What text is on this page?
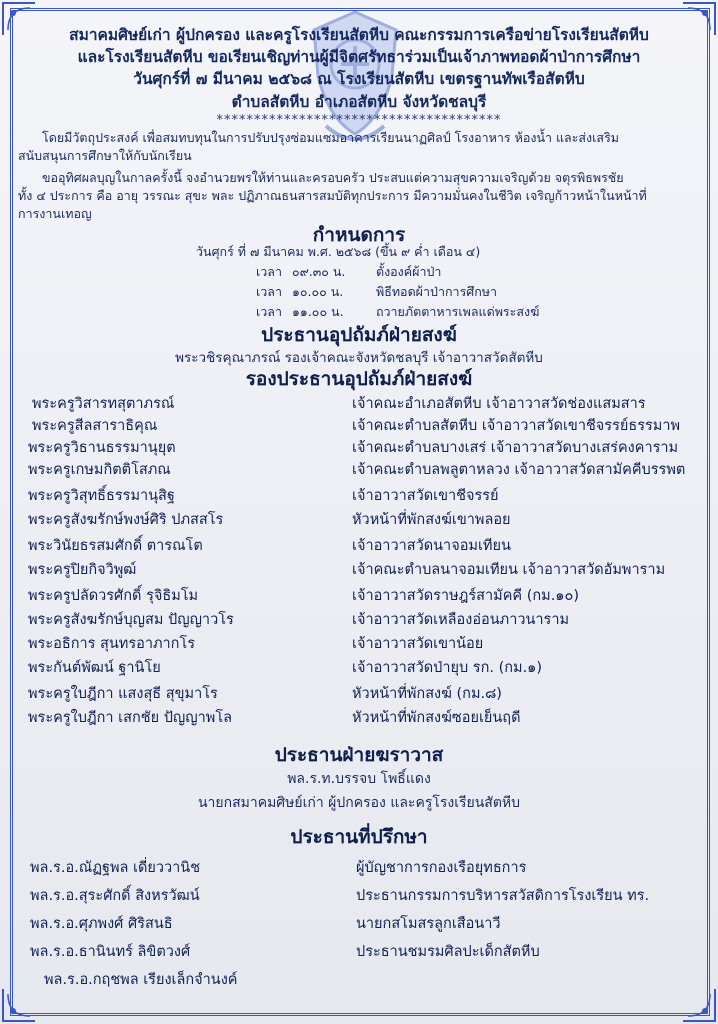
สมาคมศิษย์เก่า ผู้ปกครอง และครูโรงเรียนสัตหีบ คณะกรรมการเครือข่ายโรงเรียนสัตหีบ
และโรงเรียนสัตหีบ ขอเรียนเชิญท่านผู้มีจิตศรัทธาร่วมเป็นเจ้าภาพทอดผ้าป่าการศึกษา
วันศุกร์ที่ ๗ มีนาคม ๒๕๖๘ ณ โรงเรียนสัตหีบ เขตรฐานทัพเรือสัตหีบ
ตำบลสัตหีบ อำเภอสัตหีบ จังหวัดชลบุรี
**************************************
โดยมีวัตถุประสงค์ เพื่อสมทบทุนในการปรับปรุงซ่อมแซมอาคารเรียนนาฏศิลป์ โรงอาหาร ห้องน้ำ และส่งเสริม
สนับสนุนการศึกษาให้กับนักเรียน
ขออุทิศผลบุญในกาลครั้งนี้ จงอำนวยพรให้ท่านและครอบครัว ประสบแต่ความสุขความเจริญด้วย จตุรพิธพรชัย
ทั้ง ๔ ประการ คือ อายุ วรรณะ สุขะ พละ ปฏิภาณธนสารสมบัติทุกประการ มีความมั่นคงในชีวิต เจริญก้าวหน้าในหน้าที่
การงานเทอญ
กำหนดการ
วันศุกร์ ที่ ๗ มีนาคม พ.ศ. ๒๕๖๘ (ขึ้น ๙ ค่ำ เดือน ๔)
เวลา ๐๙.๓๐ น. ตั้งองค์ผ้าป่า
เวลา ๑๐.๐๐ น.	พิธีทอดผ้าป่าการศึกษา
เวลา ๑๑.๐๐ น.	ถวายภัตตาหารเพลแด่พระสงฆ์
ประธานอุปถัมภ์ฝ่ายสงฆ์
พระวชิรคุณาภรณ์ รองเจ้าคณะจังหวัดชลบุรี เจ้าอาวาสวัดสัตหีบ
รองประธานอุปถัมภ์ฝ่ายสงฆ์
พระครูวิสารทสุตาภรณ์	เจ้าคณะอำเภอสัตหีบ เจ้าอาวาสวัดช่องแสมสาร
พระครูสีลสาราธิคุณ	เจ้าคณะตำบลสัตหีบ เจ้าอาวาสวัดเขาชีจรรย์ธรรมาพ
พระครูวิธานธรรมานุยุต	เจ้าคณะตำบลบางเสร่ เจ้าอาวาสวัดบางเสร่คงคาราม
พระครูเกษมกิตติโสภณ	เจ้าคณะตำบลพลูตาหลวง เจ้าอาวาสวัดสามัคคีบรรพต
พระครูวิสุทธิ์ธรรมานุสิฐ	เจ้าอาวาสวัดเขาชีจรรย์
พระครูสังฆรักษ์พงษ์ศิริ ปภสสโร	หัวหน้าที่พักสงฆ์เขาพลอย
พระวินัยธรสมศักดิ์ ตารณโต	เจ้าอาวาสวัดนาจอมเทียน
พระครูปิยกิจวิพูฒ์	เจ้าคณะตำบลนาจอมเทียน เจ้าอาวาสวัดอัมพาราม
พระครูปลัดวรศักดิ์ รุจิธิมโม	เจ้าอาวาสวัดราษฎร์สามัคคี (กม.๑๐)
พระครูสังฆรักษ์บุญสม ปัญญาวโร	เจ้าอาวาสวัดเหลืองอ่อนภาวนาราม
พระอธิการ สุนทรอาภากโร	เจ้าอาวาสวัดเขาน้อย
พระกันต์พัฒน์ ฐานิโย	เจ้าอาวาสวัดป่ายุบ รก. (กม.๑)
พระครูใบฎีกา แสงสุธี สุขุมาโร	หัวหน้าที่พักสงฆ์ (กม.๘)
พระครูใบฎีกา เสกชัย ปัญญาพโล	หัวหน้าที่พักสงฆ์ซอยเย็นฤดี
ประธานฝ่ายฆราวาส
พล.ร.ท.บรรจบ โพธิ์แดง
นายกสมาคมศิษย์เก่า ผู้ปกครอง และครูโรงเรียนสัตหีบ
ประธานที่ปรึกษา
พล.ร.อ.ณัฏฐพล เดี่ยววานิช	ผู้บัญชาการกองเรือยุทธการ
พล.ร.อ.สุระศักดิ์ สิงหรวัฒน์	ประธานกรรมการบริหารสวัสดิการโรงเรียน ทร.
พล.ร.อ.ศุภพงศ์ ศิริสนธิ	นายกสโมสรลูกเสือนาวี
พล.ร.อ.ธานินทร์ ลิขิตวงศ์	ประธานชมรมศิลปะเด็กสัตหีบ
พล.ร.อ.กฤชพล เรียงเล็กจำนงค์
